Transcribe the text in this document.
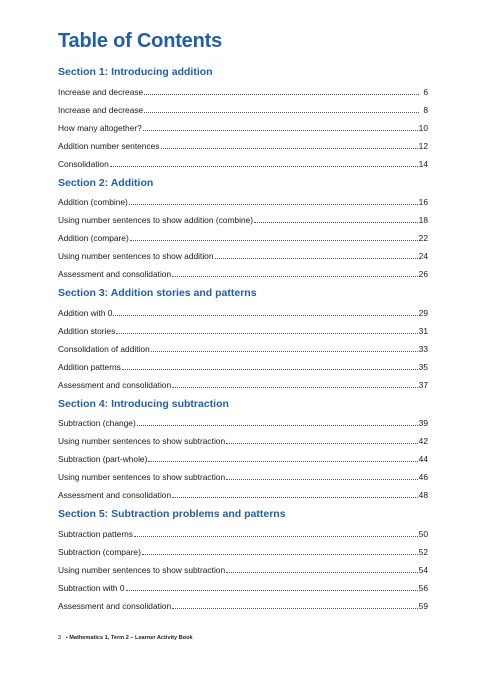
Table of Contents
Section 1: Introducing addition
Increase and decrease	6
Increase and decrease	8
How many altogether?	10
Addition number sentences	12
Consolidation	14
Section 2: Addition
Addition (combine)	16
Using number sentences to show addition (combine)	18
Addition (compare)	22
Using number sentences to show addition	24
Assessment and consolidation	26
Section 3: Addition stories and patterns
Addition with 0	29
Addition stories	31
Consolidation of addition	33
Addition patterns	35
Assessment and consolidation	37
Section 4: Introducing subtraction
Subtraction (change)	39
Using number sentences to show subtraction	42
Subtraction (part-whole)	44
Using number sentences to show subtraction	46
Assessment and consolidation	48
Section 5: Subtraction problems and patterns
Subtraction patterns	50
Subtraction (compare)	52
Using number sentences to show subtraction	54
Subtraction with 0	56
Assessment and consolidation	59
3 • Mathematics 1, Term 2 – Learner Activity Book
